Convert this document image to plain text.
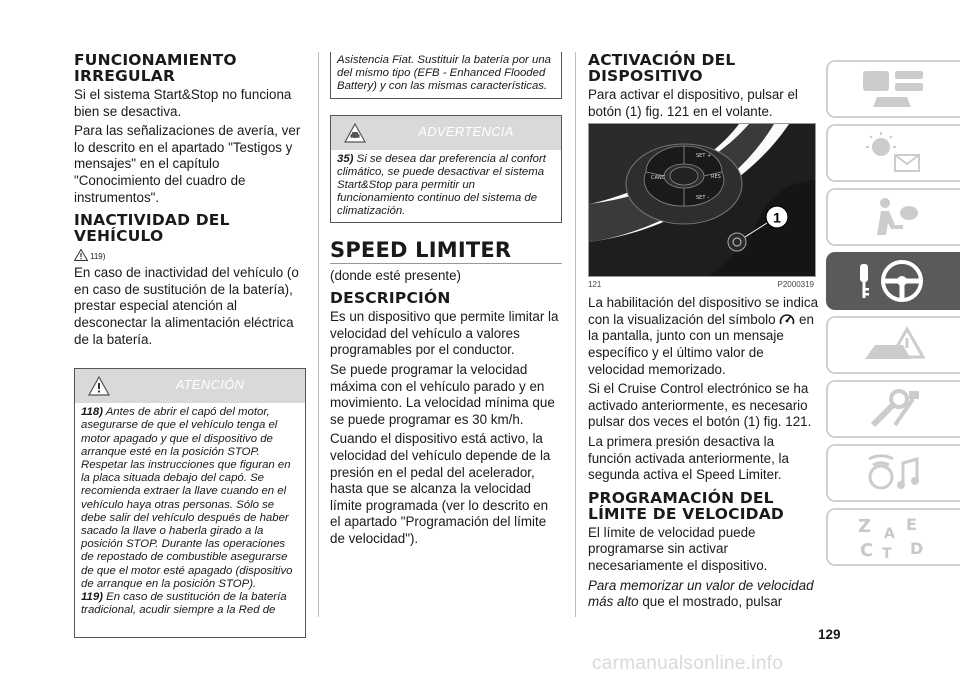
FUNCIONAMIENTO IRREGULAR

Si el sistema Start&Stop no funciona bien se desactiva.

Para las señalizaciones de avería, ver lo descrito en el apartado "Testigos y mensajes" en el capítulo "Conocimiento del cuadro de instrumentos".

INACTIVIDAD DEL VEHÍCULO
119)

En caso de inactividad del vehículo (o en caso de sustitución de la batería), prestar especial atención al desconectar la alimentación eléctrica de la batería.

ATENCIÓN
118) Antes de abrir el capó del motor, asegurarse de que el vehículo tenga el motor apagado y que el dispositivo de arranque esté en la posición STOP. Respetar las instrucciones que figuran en la placa situada debajo del capó. Se recomienda extraer la llave cuando en el vehículo haya otras personas. Sólo se debe salir del vehículo después de haber sacado la llave o haberla girado a la posición STOP. Durante las operaciones de repostado de combustible asegurarse de que el motor esté apagado (dispositivo de arranque en la posición STOP).
119) En caso de sustitución de la batería tradicional, acudir siempre a la Red de
Asistencia Fiat. Sustituir la batería por una del mismo tipo (EFB - Enhanced Flooded Battery) y con las mismas características.
ADVERTENCIA
35) Si se desea dar preferencia al confort climático, se puede desactivar el sistema Start&Stop para permitir un funcionamiento continuo del sistema de climatización.
SPEED LIMITER

(donde esté presente)

DESCRIPCIÓN

Es un dispositivo que permite limitar la velocidad del vehículo a valores programables por el conductor.

Se puede programar la velocidad máxima con el vehículo parado y en movimiento. La velocidad mínima que se puede programar es 30 km/h.

Cuando el dispositivo está activo, la velocidad del vehículo depende de la presión en el pedal del acelerador, hasta que se alcanza la velocidad límite programada (ver lo descrito en el apartado "Programación del límite de velocidad").

ACTIVACIÓN DEL DISPOSITIVO

Para activar el dispositivo, pulsar el botón (1) fig. 121 en el volante.

SET +
CANC	RES
SET –
1
121	P2000319

La habilitación del dispositivo se indica con la visualización del símbolo en la pantalla, junto con un mensaje específico y el último valor de velocidad memorizado.

Si el Cruise Control electrónico se ha activado anteriormente, es necesario pulsar dos veces el botón (1) fig. 121.

La primera presión desactiva la función activada anteriormente, la segunda activa el Speed Limiter.

PROGRAMACIÓN DEL LÍMITE DE VELOCIDAD

El límite de velocidad puede programarse sin activar necesariamente el dispositivo.

Para memorizar un valor de velocidad más alto que el mostrado, pulsar

129
carmanualsonline.info
Z E
A
C T D
